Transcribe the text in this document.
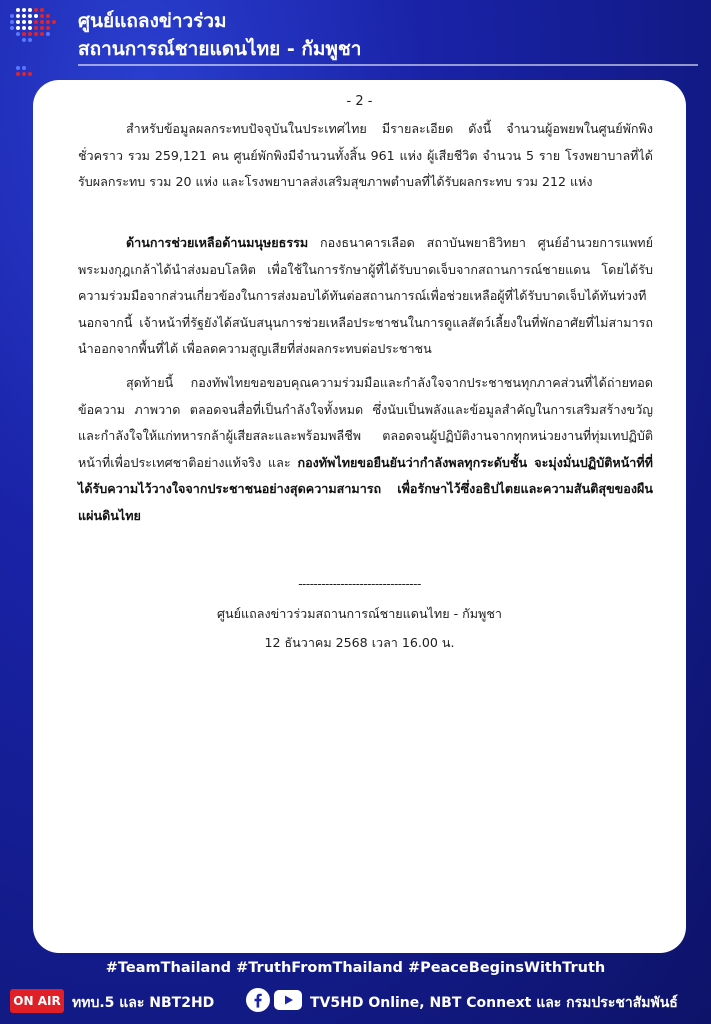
ศูนย์แถลงข่าวร่วม
สถานการณ์ชายแดนไทย - กัมพูชา
- 2 -

สำหรับข้อมูลผลกระทบปัจจุบันในประเทศไทย มีรายละเอียด ดังนี้ จำนวนผู้อพยพในศูนย์พักพิงชั่วคราว รวม 259,121 คน ศูนย์พักพิงมีจำนวนทั้งสิ้น 961 แห่ง ผู้เสียชีวิต จำนวน 5 ราย โรงพยาบาลที่ได้รับผลกระทบ รวม 20 แห่ง และโรงพยาบาลส่งเสริมสุขภาพตำบลที่ได้รับผลกระทบ รวม 212 แห่ง

ด้านการช่วยเหลือด้านมนุษยธรรม กองธนาคารเลือด สถาบันพยาธิวิทยา ศูนย์อำนวยการแพทย์พระมงกุฎเกล้าได้นำส่งมอบโลหิต เพื่อใช้ในการรักษาผู้ที่ได้รับบาดเจ็บจากสถานการณ์ชายแดน โดยได้รับความร่วมมือจากส่วนเกี่ยวข้องในการส่งมอบได้ทันต่อสถานการณ์เพื่อช่วยเหลือผู้ที่ได้รับบาดเจ็บได้ทันท่วงที นอกจากนี้ เจ้าหน้าที่รัฐยังได้สนับสนุนการช่วยเหลือประชาชนในการดูแลสัตว์เลี้ยงในที่พักอาศัยที่ไม่สามารถนำออกจากพื้นที่ได้ เพื่อลดความสูญเสียที่ส่งผลกระทบต่อประชาชน

สุดท้ายนี้ กองทัพไทยขอขอบคุณความร่วมมือและกำลังใจจากประชาชนทุกภาคส่วนที่ได้ถ่ายทอดข้อความ ภาพวาด ตลอดจนสื่อที่เป็นกำลังใจทั้งหมด ซึ่งนับเป็นพลังและข้อมูลสำคัญในการเสริมสร้างขวัญและกำลังใจให้แก่ทหารกล้าผู้เสียสละและพร้อมพลีชีพ ตลอดจนผู้ปฏิบัติงานจากทุกหน่วยงานที่ทุ่มเทปฏิบัติหน้าที่เพื่อประเทศชาติอย่างแท้จริง และ กองทัพไทยขอยืนยันว่ากำลังพลทุกระดับชั้น จะมุ่งมั่นปฏิบัติหน้าที่ที่ได้รับความไว้วางใจจากประชาชนอย่างสุดความสามารถ เพื่อรักษาไว้ซึ่งอธิปไตยและความสันติสุขของผืนแผ่นดินไทย

--------------------------------
ศูนย์แถลงข่าวร่วมสถานการณ์ชายแดนไทย - กัมพูชา
12 ธันวาคม 2568 เวลา 16.00 น.
#TeamThailand #TruthFromThailand #PeaceBeginsWithTruth
ON AIR ททบ.5 และ NBT2HD	TV5HD Online, NBT Connext และ กรมประชาสัมพันธ์
